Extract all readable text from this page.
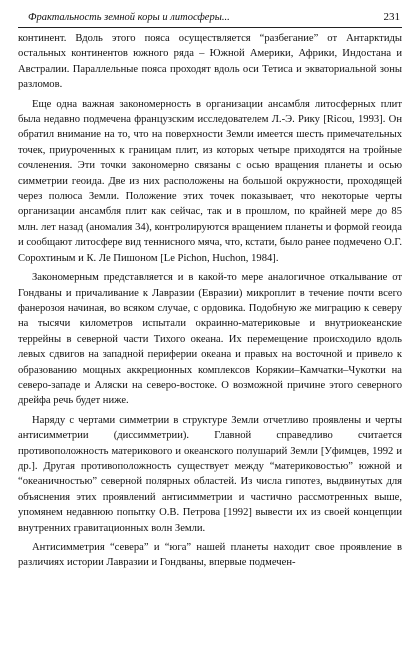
Фрактальность земной коры и литосферы...	231

континент. Вдоль этого пояса осуществляется “разбегание” от Антарктиды остальных континентов южного ряда – Южной Америки, Африки, Индостана и Австралии. Параллельные пояса проходят вдоль оси Тетиса и экваториальной зоны разломов.

Еще одна важная закономерность в организации ансамбля литосферных плит была недавно подмечена французским исследователем Л.-Э. Рику [Ricou, 1993]. Он обратил внимание на то, что на поверхности Земли имеется шесть примечательных точек, приуроченных к границам плит, из которых четыре приходятся на тройные сочленения. Эти точки закономерно связаны с осью вращения планеты и осью симметрии геоида. Две из них расположены на большой окружности, проходящей через полюса Земли. Положение этих точек показывает, что некоторые черты организации ансамбля плит как сейчас, так и в прошлом, по крайней мере до 85 млн. лет назад (аномалия 34), контролируются вращением планеты и формой геоида и сообщают литосфере вид теннисного мяча, что, кстати, было ранее подмечено О.Г. Сорохтиным и К. Ле Пишоном [Le Pichon, Huchon, 1984].

Закономерным представляется и в какой-то мере аналогичное откалывание от Гондваны и причаливание к Лавразии (Евразии) микроплит в течение почти всего фанерозоя начиная, во всяком случае, с ордовика. Подобную же миграцию к северу на тысячи километров испытали окраинно-материковые и внутриокеанские террейны в северной части Тихого океана. Их перемещение происходило вдоль левых сдвигов на западной периферии океана и правых на восточной и привело к образованию мощных аккреционных комплексов Корякии–Камчатки–Чукотки на северо-западе и Аляски на северо-востоке. О возможной причине этого северного дрейфа речь будет ниже.

Наряду с чертами симметрии в структуре Земли отчетливо проявлены и черты антисимметрии (диссимметрии). Главной справедливо считается противоположность материкового и океанского полушарий Земли [Уфимцев, 1992 и др.]. Другая противоположность существует между “материковостью” южной и “океаничностью” северной полярных областей. Из числа гипотез, выдвинутых для объяснения этих проявлений антисимметрии и частично рассмотренных выше, упомянем недавнюю попытку О.В. Петрова [1992] вывести их из своей концепции внутренних гравитационных волн Земли.

Антисимметрия “севера” и “юга” нашей планеты находит свое проявление в различиях истории Лавразии и Гондваны, впервые подмечен-
